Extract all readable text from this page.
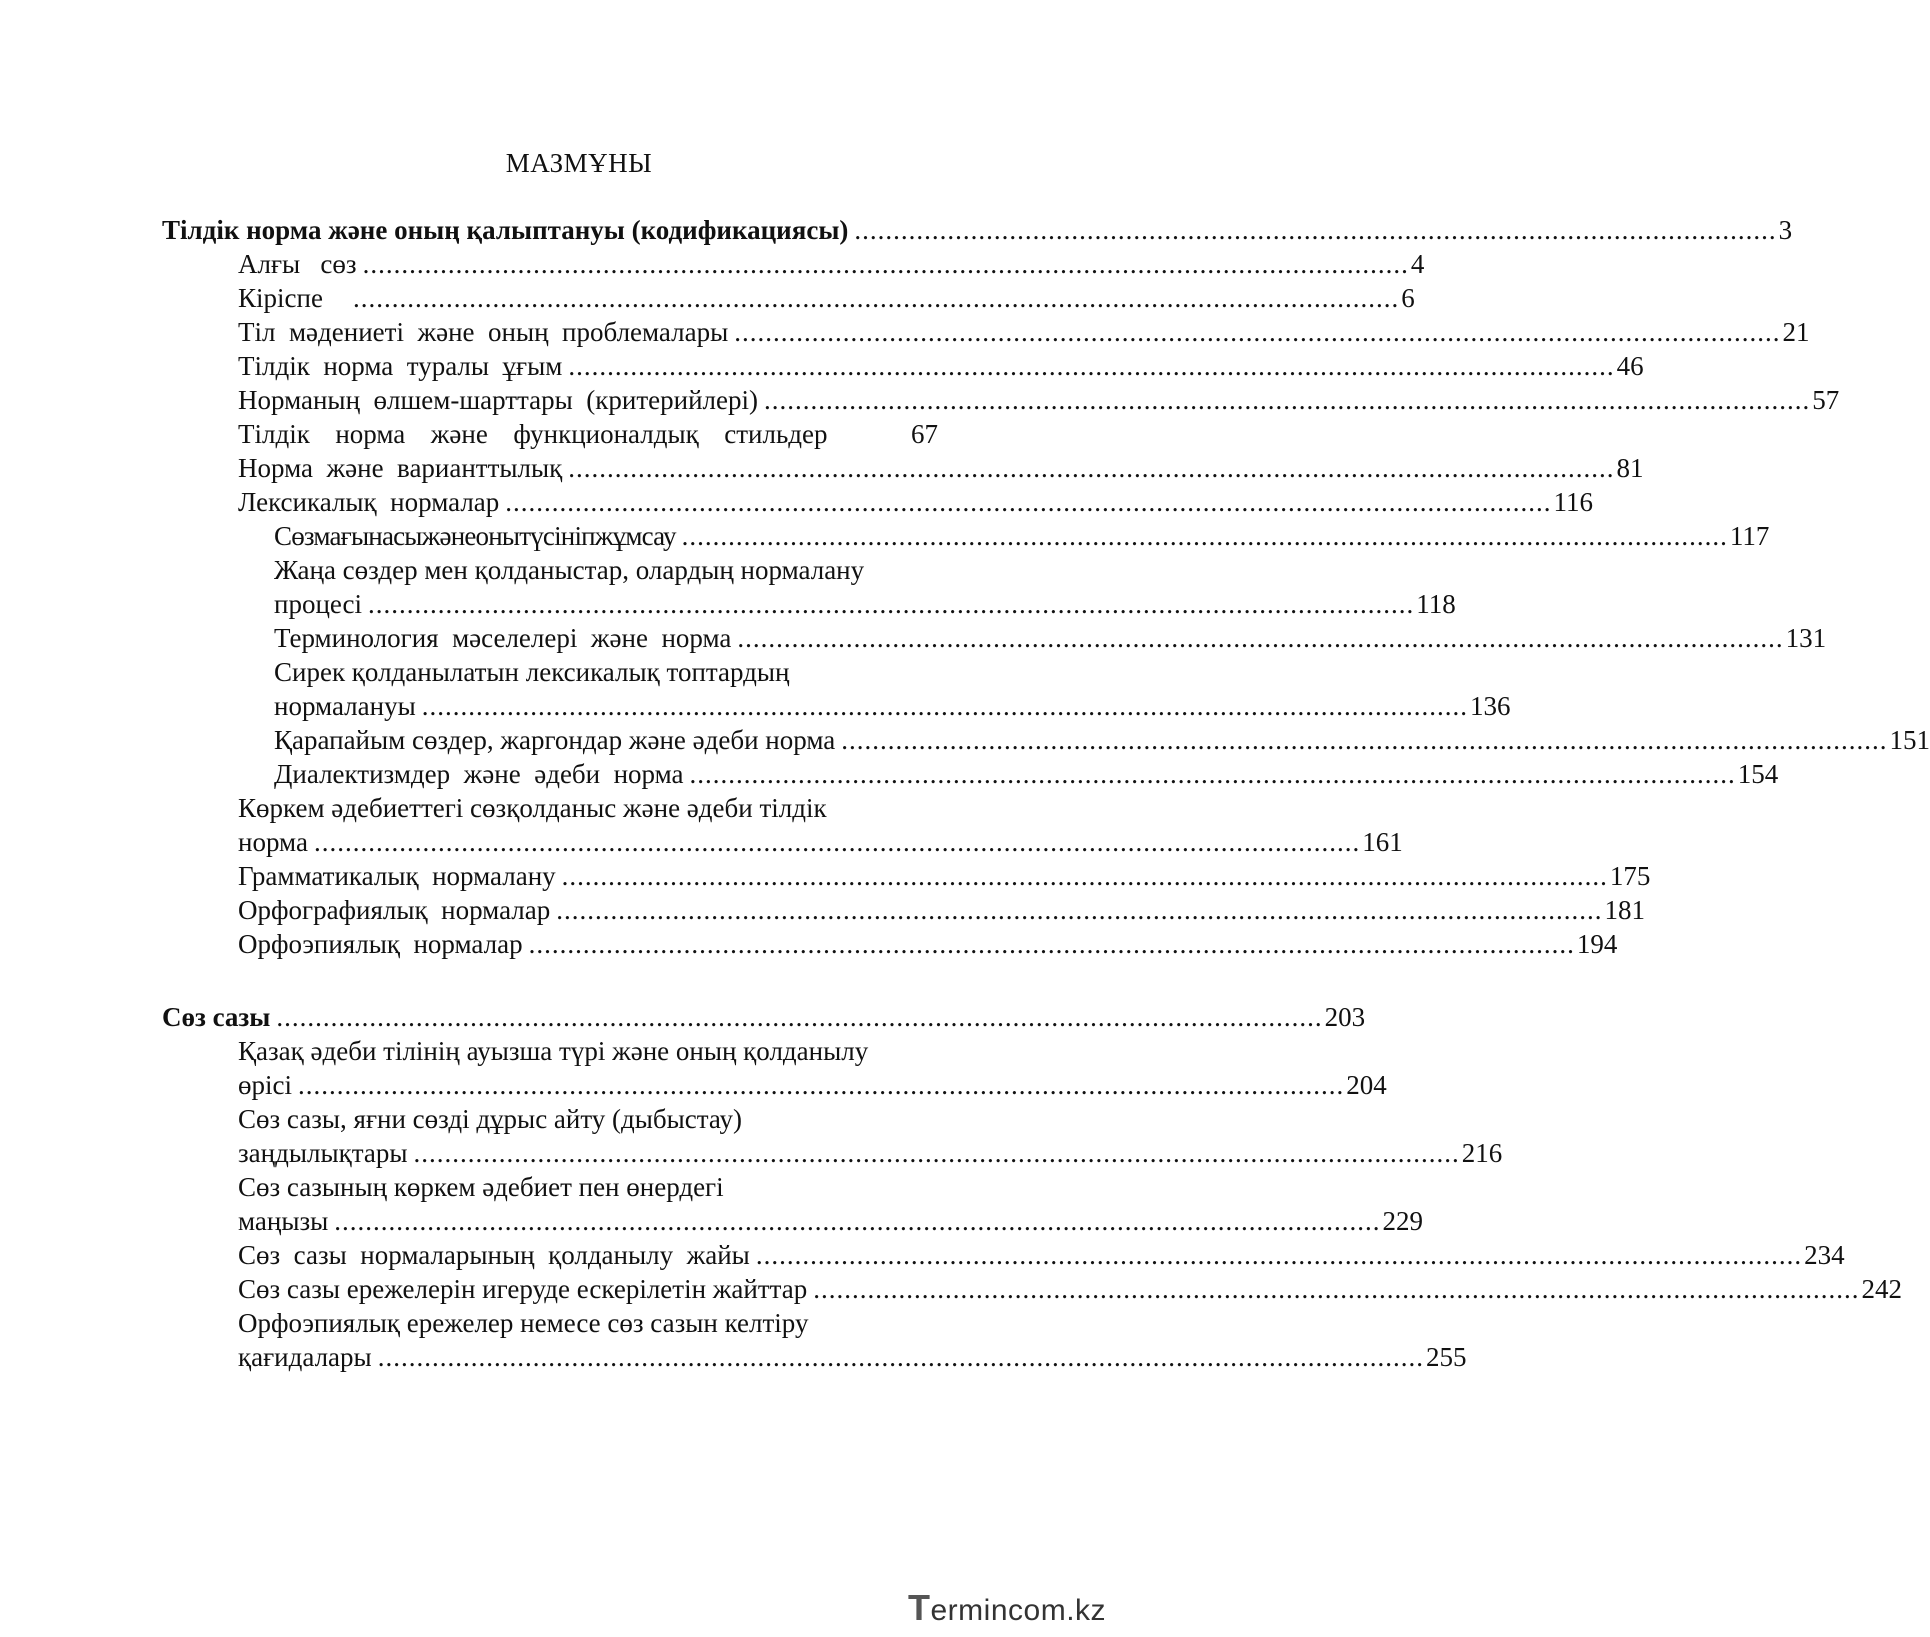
МАЗМҰНЫ
Тілдік норма және оның қалыптануы (кодификациясы) ....................................................................................................................... 3
Алғы   сөз ....................................................................................................................................... 4
Кіріспе ....................................................................................................................................... 6
Тіл  мәдениеті  және  оның  проблемалары ....................................................................................................................................... 21
Тілдік  норма  туралы  ұғым ....................................................................................................................................... 46
Норманың  өлшем-шарттары  (критерийлері) ....................................................................................................................................... 57
Тілдік  норма  және  функционалдық  стильдер	67
Норма  және  варианттылық ....................................................................................................................................... 81
Лексикалық  нормалар ....................................................................................................................................... 116
Сөзмағынасыжәнеонытүсініпжұмсау ....................................................................................................................................... 117
Жаңа сөздер мен қолданыстар, олардың нормалану
процесі ....................................................................................................................................... 118
Терминология  мәселелері  және  норма ....................................................................................................................................... 131
Сирек қолданылатын лексикалық топтардың
нормалануы ....................................................................................................................................... 136
Қарапайым сөздер, жаргондар және әдеби норма ....................................................................................................................................... 151
Диалектизмдер  және  әдеби  норма ....................................................................................................................................... 154
Көркем әдебиеттегі сөзқолданыс және әдеби тілдік
норма ....................................................................................................................................... 161
Грамматикалық  нормалану ....................................................................................................................................... 175
Орфографиялық  нормалар ....................................................................................................................................... 181
Орфоэпиялық  нормалар ....................................................................................................................................... 194
Сөз сазы ....................................................................................................................................... 203
Қазақ әдеби тілінің ауызша түрі және оның қолданылу
өрісі ....................................................................................................................................... 204
Сөз сазы, яғни сөзді дұрыс айту (дыбыстау)
заңдылықтары ....................................................................................................................................... 216
Сөз сазының көркем әдебиет пен өнердегі
маңызы ....................................................................................................................................... 229
Сөз  сазы  нормаларының  қолданылу  жайы ....................................................................................................................................... 234
Сөз сазы ережелерін игеруде ескерілетін жайттар ....................................................................................................................................... 242
Орфоэпиялық ережелер немесе сөз сазын келтіру
қағидалары ....................................................................................................................................... 255
Termincom.kz
